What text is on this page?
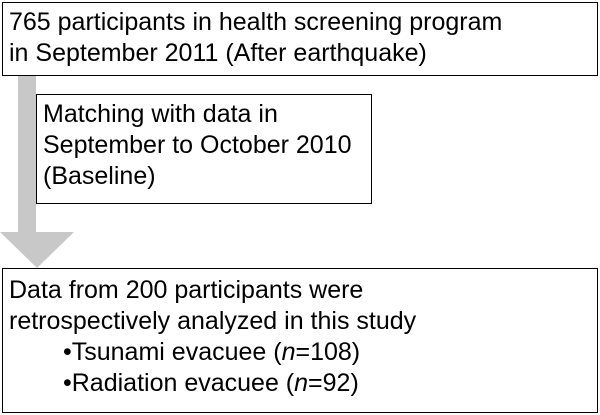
765 participants in health screening program
in September 2011 (After earthquake)
Matching with data in
September to October 2010
(Baseline)
Data from 200 participants were
retrospectively analyzed in this study
•Tsunami evacuee (n=108)
•Radiation evacuee (n=92)
